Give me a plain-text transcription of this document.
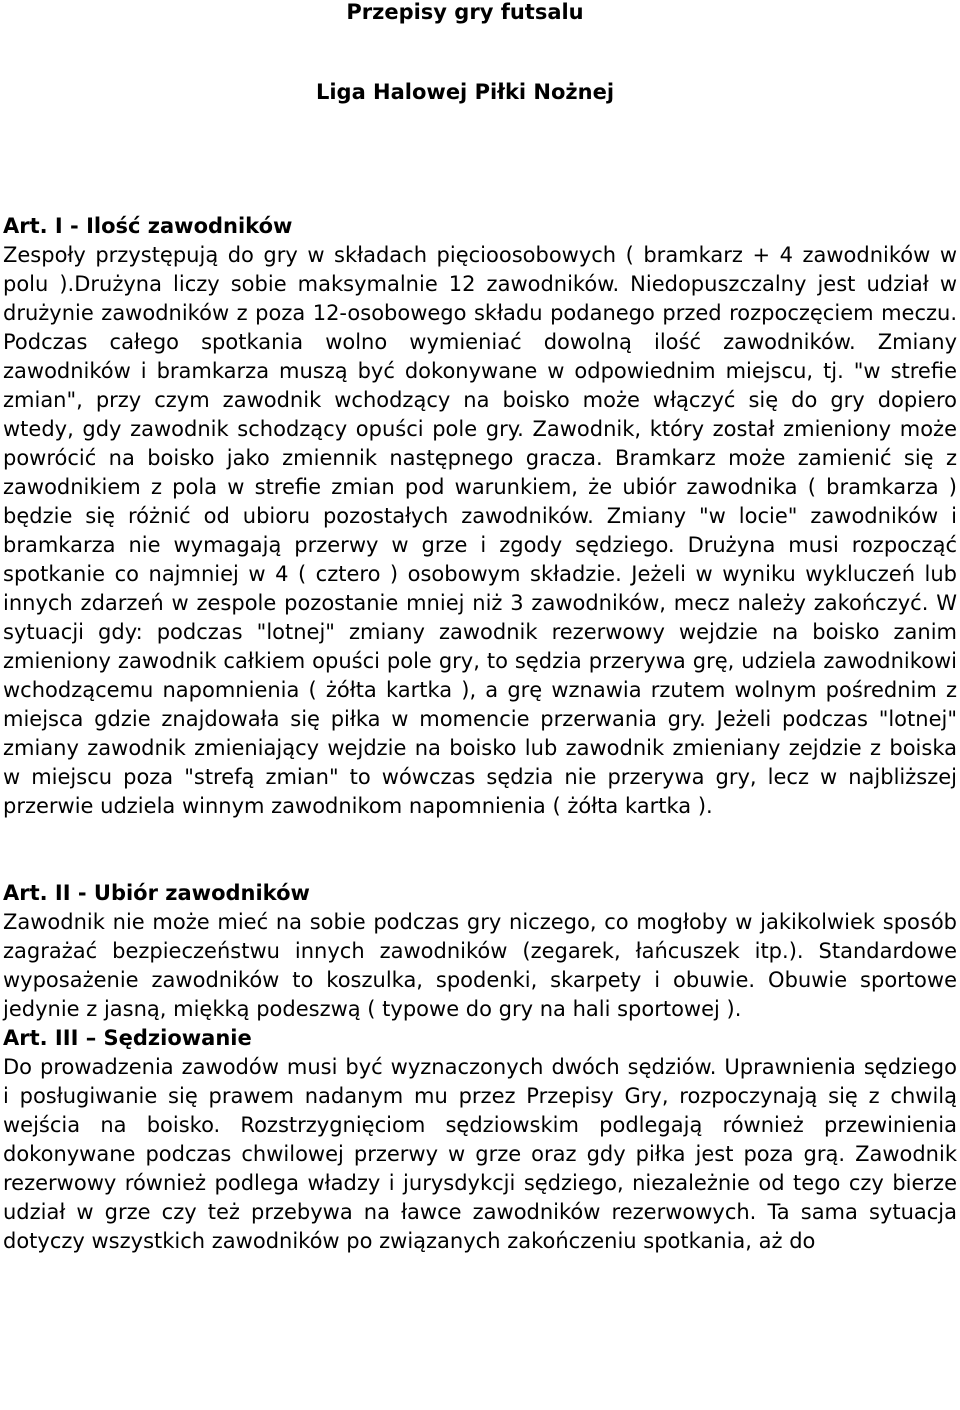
Przepisy gry futsalu
Liga Halowej Piłki Nożnej
Art. I - Ilość zawodników

Zespoły przystępują do gry w składach pięcioosobowych ( bramkarz + 4 zawodników w polu ).Drużyna liczy sobie maksymalnie 12 zawodników. Niedopuszczalny jest udział w drużynie zawodników z poza 12-osobowego składu podanego przed rozpoczęciem meczu. Podczas całego spotkania wolno wymieniać dowolną ilość zawodników. Zmiany zawodników i bramkarza muszą być dokonywane w odpowiednim miejscu, tj. "w strefie zmian", przy czym zawodnik wchodzący na boisko może włączyć się do gry dopiero wtedy, gdy zawodnik schodzący opuści pole gry. Zawodnik, który został zmieniony może powrócić na boisko jako zmiennik następnego gracza. Bramkarz może zamienić się z zawodnikiem z pola w strefie zmian pod warunkiem, że ubiór zawodnika ( bramkarza ) będzie się różnić od ubioru pozostałych zawodników. Zmiany "w locie" zawodników i bramkarza nie wymagają przerwy w grze i zgody sędziego. Drużyna musi rozpocząć spotkanie co najmniej w 4 ( cztero ) osobowym składzie. Jeżeli w wyniku wykluczeń lub innych zdarzeń w zespole pozostanie mniej niż 3 zawodników, mecz należy zakończyć. W sytuacji gdy: podczas "lotnej" zmiany zawodnik rezerwowy wejdzie na boisko zanim zmieniony zawodnik całkiem opuści pole gry, to sędzia przerywa grę, udziela zawodnikowi wchodzącemu napomnienia ( żółta kartka ), a grę wznawia rzutem wolnym pośrednim z miejsca gdzie znajdowała się piłka w momencie przerwania gry. Jeżeli podczas "lotnej" zmiany zawodnik zmieniający wejdzie na boisko lub zawodnik zmieniany zejdzie z boiska w miejscu poza "strefą zmian" to wówczas sędzia nie przerywa gry, lecz w najbliższej przerwie udziela winnym zawodnikom napomnienia ( żółta kartka ).

Art. II - Ubiór zawodników

Zawodnik nie może mieć na sobie podczas gry niczego, co mogłoby w jakikolwiek sposób zagrażać bezpieczeństwu innych zawodników (zegarek, łańcuszek itp.). Standardowe wyposażenie zawodników to koszulka, spodenki, skarpety i obuwie. Obuwie sportowe jedynie z jasną, miękką podeszwą ( typowe do gry na hali sportowej ).

Art. III – Sędziowanie

Do prowadzenia zawodów musi być wyznaczonych dwóch sędziów. Uprawnienia sędziego i posługiwanie się prawem nadanym mu przez Przepisy Gry, rozpoczynają się z chwilą wejścia na boisko. Rozstrzygnięciom sędziowskim podlegają również przewinienia dokonywane podczas chwilowej przerwy w grze oraz gdy piłka jest poza grą. Zawodnik rezerwowy również podlega władzy i jurysdykcji sędziego, niezależnie od tego czy bierze udział w grze czy też przebywa na ławce zawodników rezerwowych. Ta sama sytuacja dotyczy wszystkich zawodników po związanych zakończeniu spotkania, aż do
